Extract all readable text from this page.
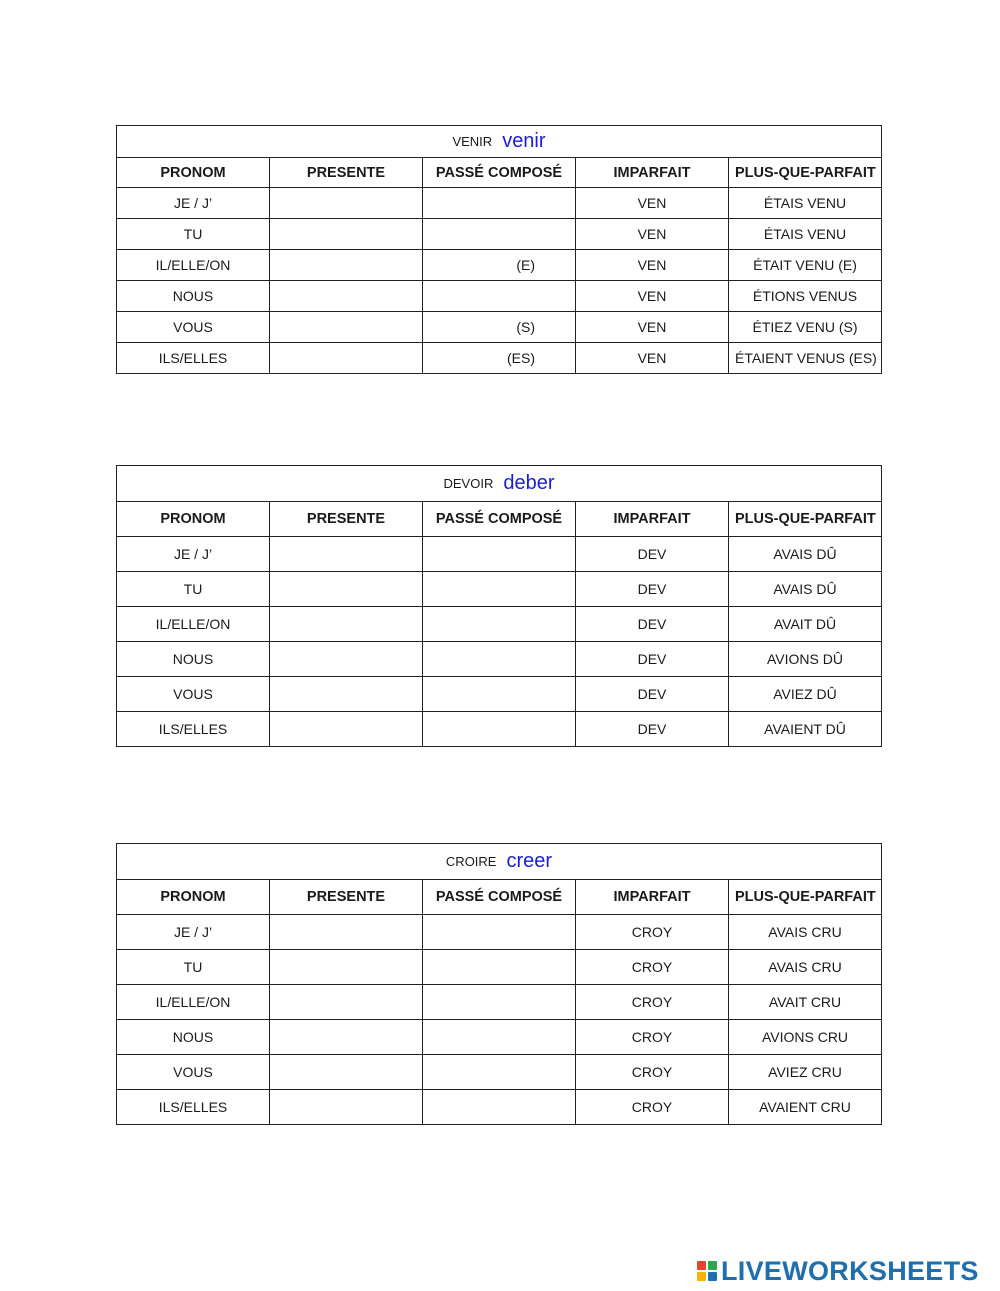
VENIR venir				
PRONOM	PRESENTE	PASSÉ COMPOSÉ	IMPARFAIT	PLUS-QUE-PARFAIT
JE / J’			VEN	ÉTAIS VENU
TU			VEN	ÉTAIS VENU
IL/ELLE/ON		(E)	VEN	ÉTAIT VENU (E)
NOUS			VEN	ÉTIONS VENUS
VOUS		(S)	VEN	ÉTIEZ VENU (S)
ILS/ELLES		(ES)	VEN	ÉTAIENT VENUS (ES)
DEVOIR deber				
PRONOM	PRESENTE	PASSÉ COMPOSÉ	IMPARFAIT	PLUS-QUE-PARFAIT
JE / J’			DEV	AVAIS DÛ
TU			DEV	AVAIS DÛ
IL/ELLE/ON			DEV	AVAIT DÛ
NOUS			DEV	AVIONS DÛ
VOUS			DEV	AVIEZ DÛ
ILS/ELLES			DEV	AVAIENT DÛ
CROIRE creer				
PRONOM	PRESENTE	PASSÉ COMPOSÉ	IMPARFAIT	PLUS-QUE-PARFAIT
JE / J’			CROY	AVAIS CRU
TU			CROY	AVAIS CRU
IL/ELLE/ON			CROY	AVAIT CRU
NOUS			CROY	AVIONS CRU
VOUS			CROY	AVIEZ CRU
ILS/ELLES			CROY	AVAIENT CRU
LIVEWORKSHEETS
